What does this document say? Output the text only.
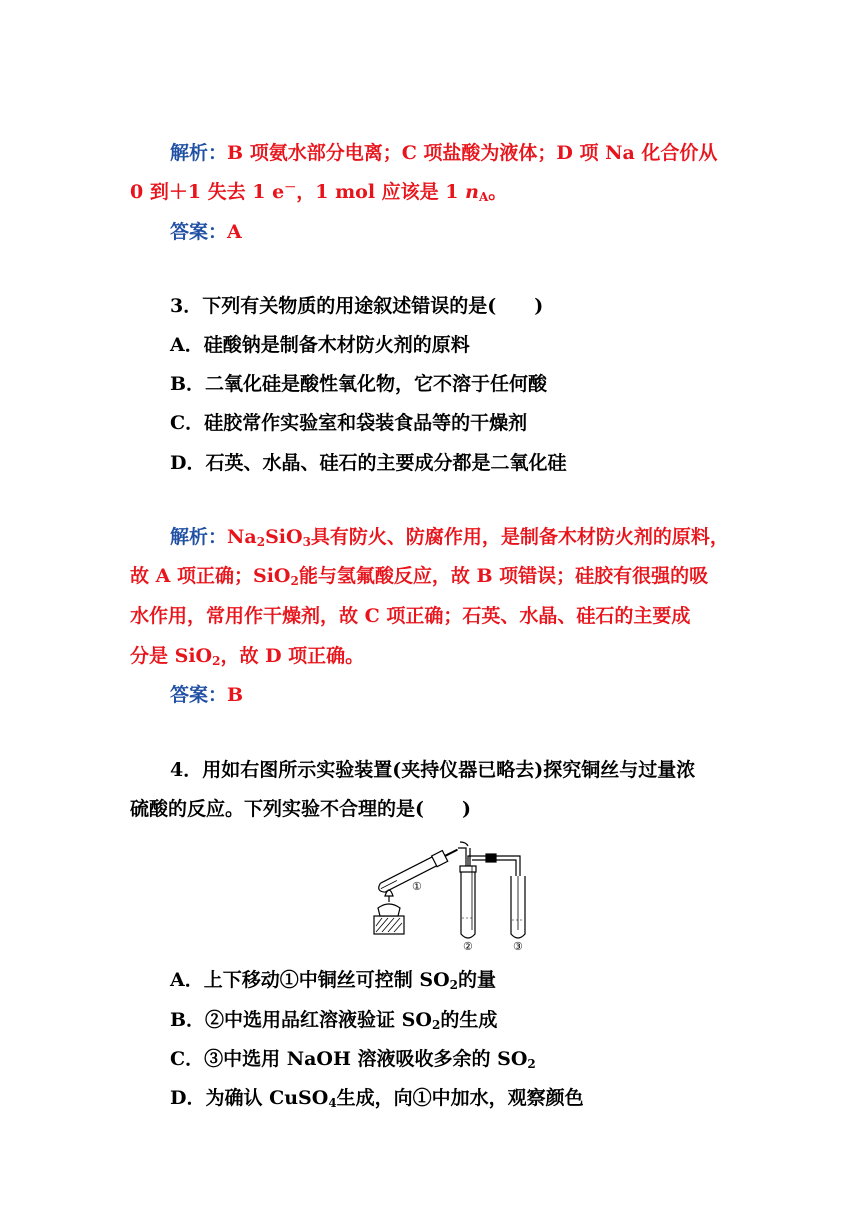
解析：B 项氨水部分电离；C 项盐酸为液体；D 项 Na 化合价从
0 到＋1 失去 1 e－，1 mol 应该是 1 $n_A$。
答案：A
3．下列有关物质的用途叙述错误的是(　　)
A．硅酸钠是制备木材防火剂的原料
B．二氧化硅是酸性氧化物，它不溶于任何酸
C．硅胶常作实验室和袋装食品等的干燥剂
D．石英、水晶、硅石的主要成分都是二氧化硅
解析：$Na_2SiO_3$具有防火、防腐作用，是制备木材防火剂的原料，
故 A 项正确；SiO$_2$能与氢氟酸反应，故 B 项错误；硅胶有很强的吸
水作用，常用作干燥剂，故 C 项正确；石英、水晶、硅石的主要成
分是 SiO$_2$，故 D 项正确。
答案：B
4．用如右图所示实验装置(夹持仪器已略去)探究铜丝与过量浓
硫酸的反应。下列实验不合理的是(　　)
①
②	③
A．上下移动①中铜丝可控制 $SO_2$的量
B．②中选用品红溶液验证 $SO_2$的生成
C．③中选用 NaOH 溶液吸收多余的 $SO_2$
D．为确认 CuSO$_4$生成，向①中加水，观察颜色
